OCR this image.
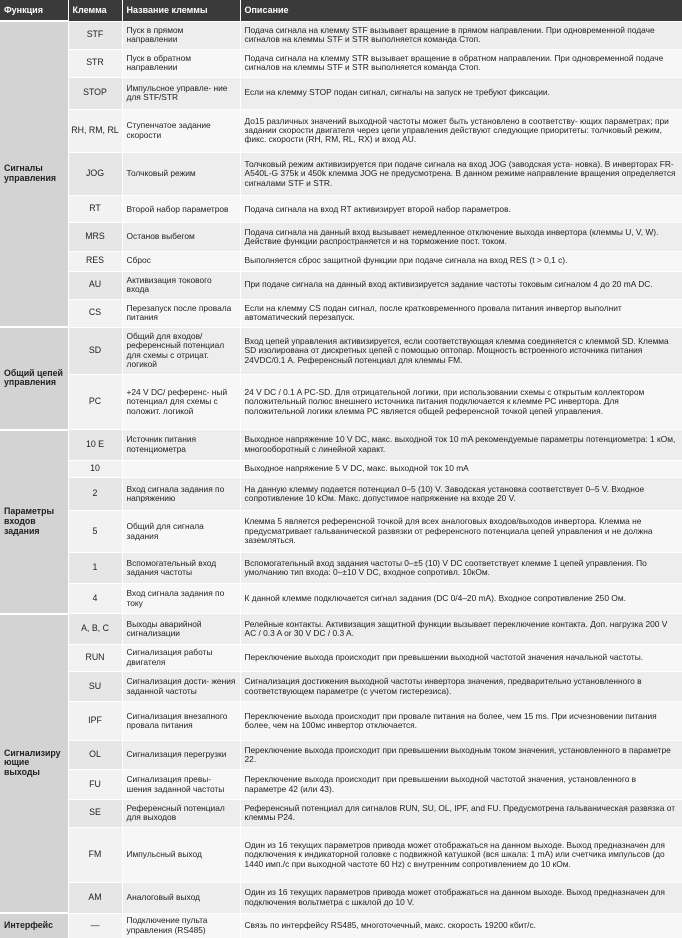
Функция	Клемма	Название клеммы	Описание
Сигналы управления	STF	Пуск в прямом направлении	Подача сигнала на клемму STF вызывает вращение в прямом направлении. При одновременной подаче сигналов на клеммы STF и STR выполняется команда Стоп.
	STR	Пуск в обратном направлении	Подача сигнала на клемму STR вызывает вращение в обратном направлении. При одновременной подаче сигналов на клеммы STF и STR выполняется команда Стоп.
	STOP	Импульсное управле- ние для STF/STR	Если на клемму STOP подан сигнал, сигналы на запуск не требуют фиксации.
	RH, RM, RL	Ступенчатое задание скорости	До15 различных значений выходной частоты может быть установлено в соответству- ющих параметрах; при задании скорости двигателя через цепи управления действуют следующие приоритеты: толчковый режим, фикс. скорости (RH, RM, RL, RX) и вход AU.
	JOG	Толчковый режим	Толчковый режим активизируется при подаче сигнала на вход JOG (заводская уста- новка). В инверторах FR-A540L-G 375k и 450k клемма JOG не предусмотрена. В данном режиме направление вращения определяется сигналами STF и STR.
	RT	Второй набор параметров	Подача сигнала на вход RT активизирует второй набор параметров.
	MRS	Останов выбегом	Подача сигнала на данный вход вызывает немедленное отключение выхода инвертора (клеммы U, V, W). Действие функции распространяется и на торможение пост. током.
	RES	Сброс	Выполняется сброс защитной функции при подаче сигнала на вход RES (t > 0,1 с).
	AU	Активизация токового входа	При подаче сигнала на данный вход активизируется задание частоты токовым сигналом 4 до 20 mA DC.
	CS	Перезапуск после провала питания	Если на клемму CS подан сигнал, после кратковременного провала питания инвертор выполнит автоматический перезапуск.
Общий цепей управления	SD	Общий для входов/референсный потенциал для схемы с отрицат. логикой	Вход цепей управления активизируется, если соответствующая клемма соединяется с клеммой SD. Клемма SD изолирована от дискретных цепей с помощью оптопар. Мощность встроенного источника питания 24VDC/0.1 A. Референсный потенциал для клеммы FM.
	PC	+24 V DC/ референс- ный потенциал для схемы с положит. логикой	24 V DC / 0.1 A PC-SD. Для отрицательной логики, при использовании схемы с открытым коллектором положительный полюс внешнего источника питания подключается к клемме PC инвертора. Для положительной логики клемма PC является общей референсной точкой цепей управления.
Параметры входов задания	10 E	Источник питания потенциометра	Выходное напряжение 10 V DC, макс. выходной ток 10 mA рекомендуемые параметры потенциометра: 1 кОм, многооборотный с линейной характ.
	10		Выходное напряжение 5 V DC, макс. выходной ток 10 mA
	2	Вход сигнала задания по напряжению	На данную клемму подается потенциал 0–5 (10) V. Заводская установка соответствует 0–5 V. Входное сопротивление 10 kОм. Макс. допустимое напряжение на входе 20 V.
	5	Общий для сигнала задания	Клемма 5 является референсной точкой для всех аналоговых входов/выходов инвертора. Клемма не предусматривает гальванической развязки от референсного потенциала цепей управления и не должна заземляться.
	1	Вспомогательный вход задания частоты	Вспомогательный вход задания частоты 0–±5 (10) V DC соответствует клемме 1 цепей управления. По умолчанию тип входа: 0–±10 V DC, входное сопротивл. 10кОм.
	4	Вход сигнала задания по току	К данной клемме подключается сигнал задания (DC 0/4–20 mA). Входное сопротивление 250 Ом.
Сигнализиру ющие выходы	A, B, C	Выходы аварийной сигнализации	Релейные контакты. Активизация защитной функции вызывает переключение контакта. Доп. нагрузка 200 V AC / 0.3 A or 30 V DC / 0.3 A.
	RUN	Сигнализация работы двигателя	Переключение выхода происходит при превышении выходной частотой значения начальной частоты.
	SU	Сигнализация дости- жения заданной частоты	Сигнализация достижения выходной частоты инвертора значения, предварительно установленного в соответствующем параметре (с учетом гистерезиса).
	IPF	Сигнализация внезапного провала питания	Переключение выхода происходит при провале питания на более, чем 15 ms. При исчезновении питания более, чем на 100мс инвертор отключается.
	OL	Сигнализация перегрузки	Переключение выхода происходит при превышении выходным током значения, установленного в параметре 22.
	FU	Сигнализация превы- шения заданной частоты	Переключение выхода происходит при превышении выходной частотой значения, установленного в параметре 42 (или 43).
	SE	Референсный потенциал для выходов	Референсный потенциал для сигналов RUN, SU, OL, IPF, and FU. Предусмотрена гальваническая развязка от клеммы P24.
	FM	Импульсный выход	Один из 16 текущих параметров привода может отображаться на данном выходе. Выход предназначен для подключения к индикаторной головке с подвижной катушкой (вся шкала: 1 mA) или счетчика импульсов (до 1440 имп./с при выходной частоте 60 Hz) с внутренним сопротивлением до 10 кОм.
	AM	Аналоговый выход	Один из 16 текущих параметров привода может отображаться на данном выходе. Выход предназначен для подключения вольтметра с шкалой до 10 V.
Интерфейс	—	Подключение пульта управления (RS485)	Связь по интерфейсу RS485, многоточечный, макс. скорость 19200 кбит/с.
